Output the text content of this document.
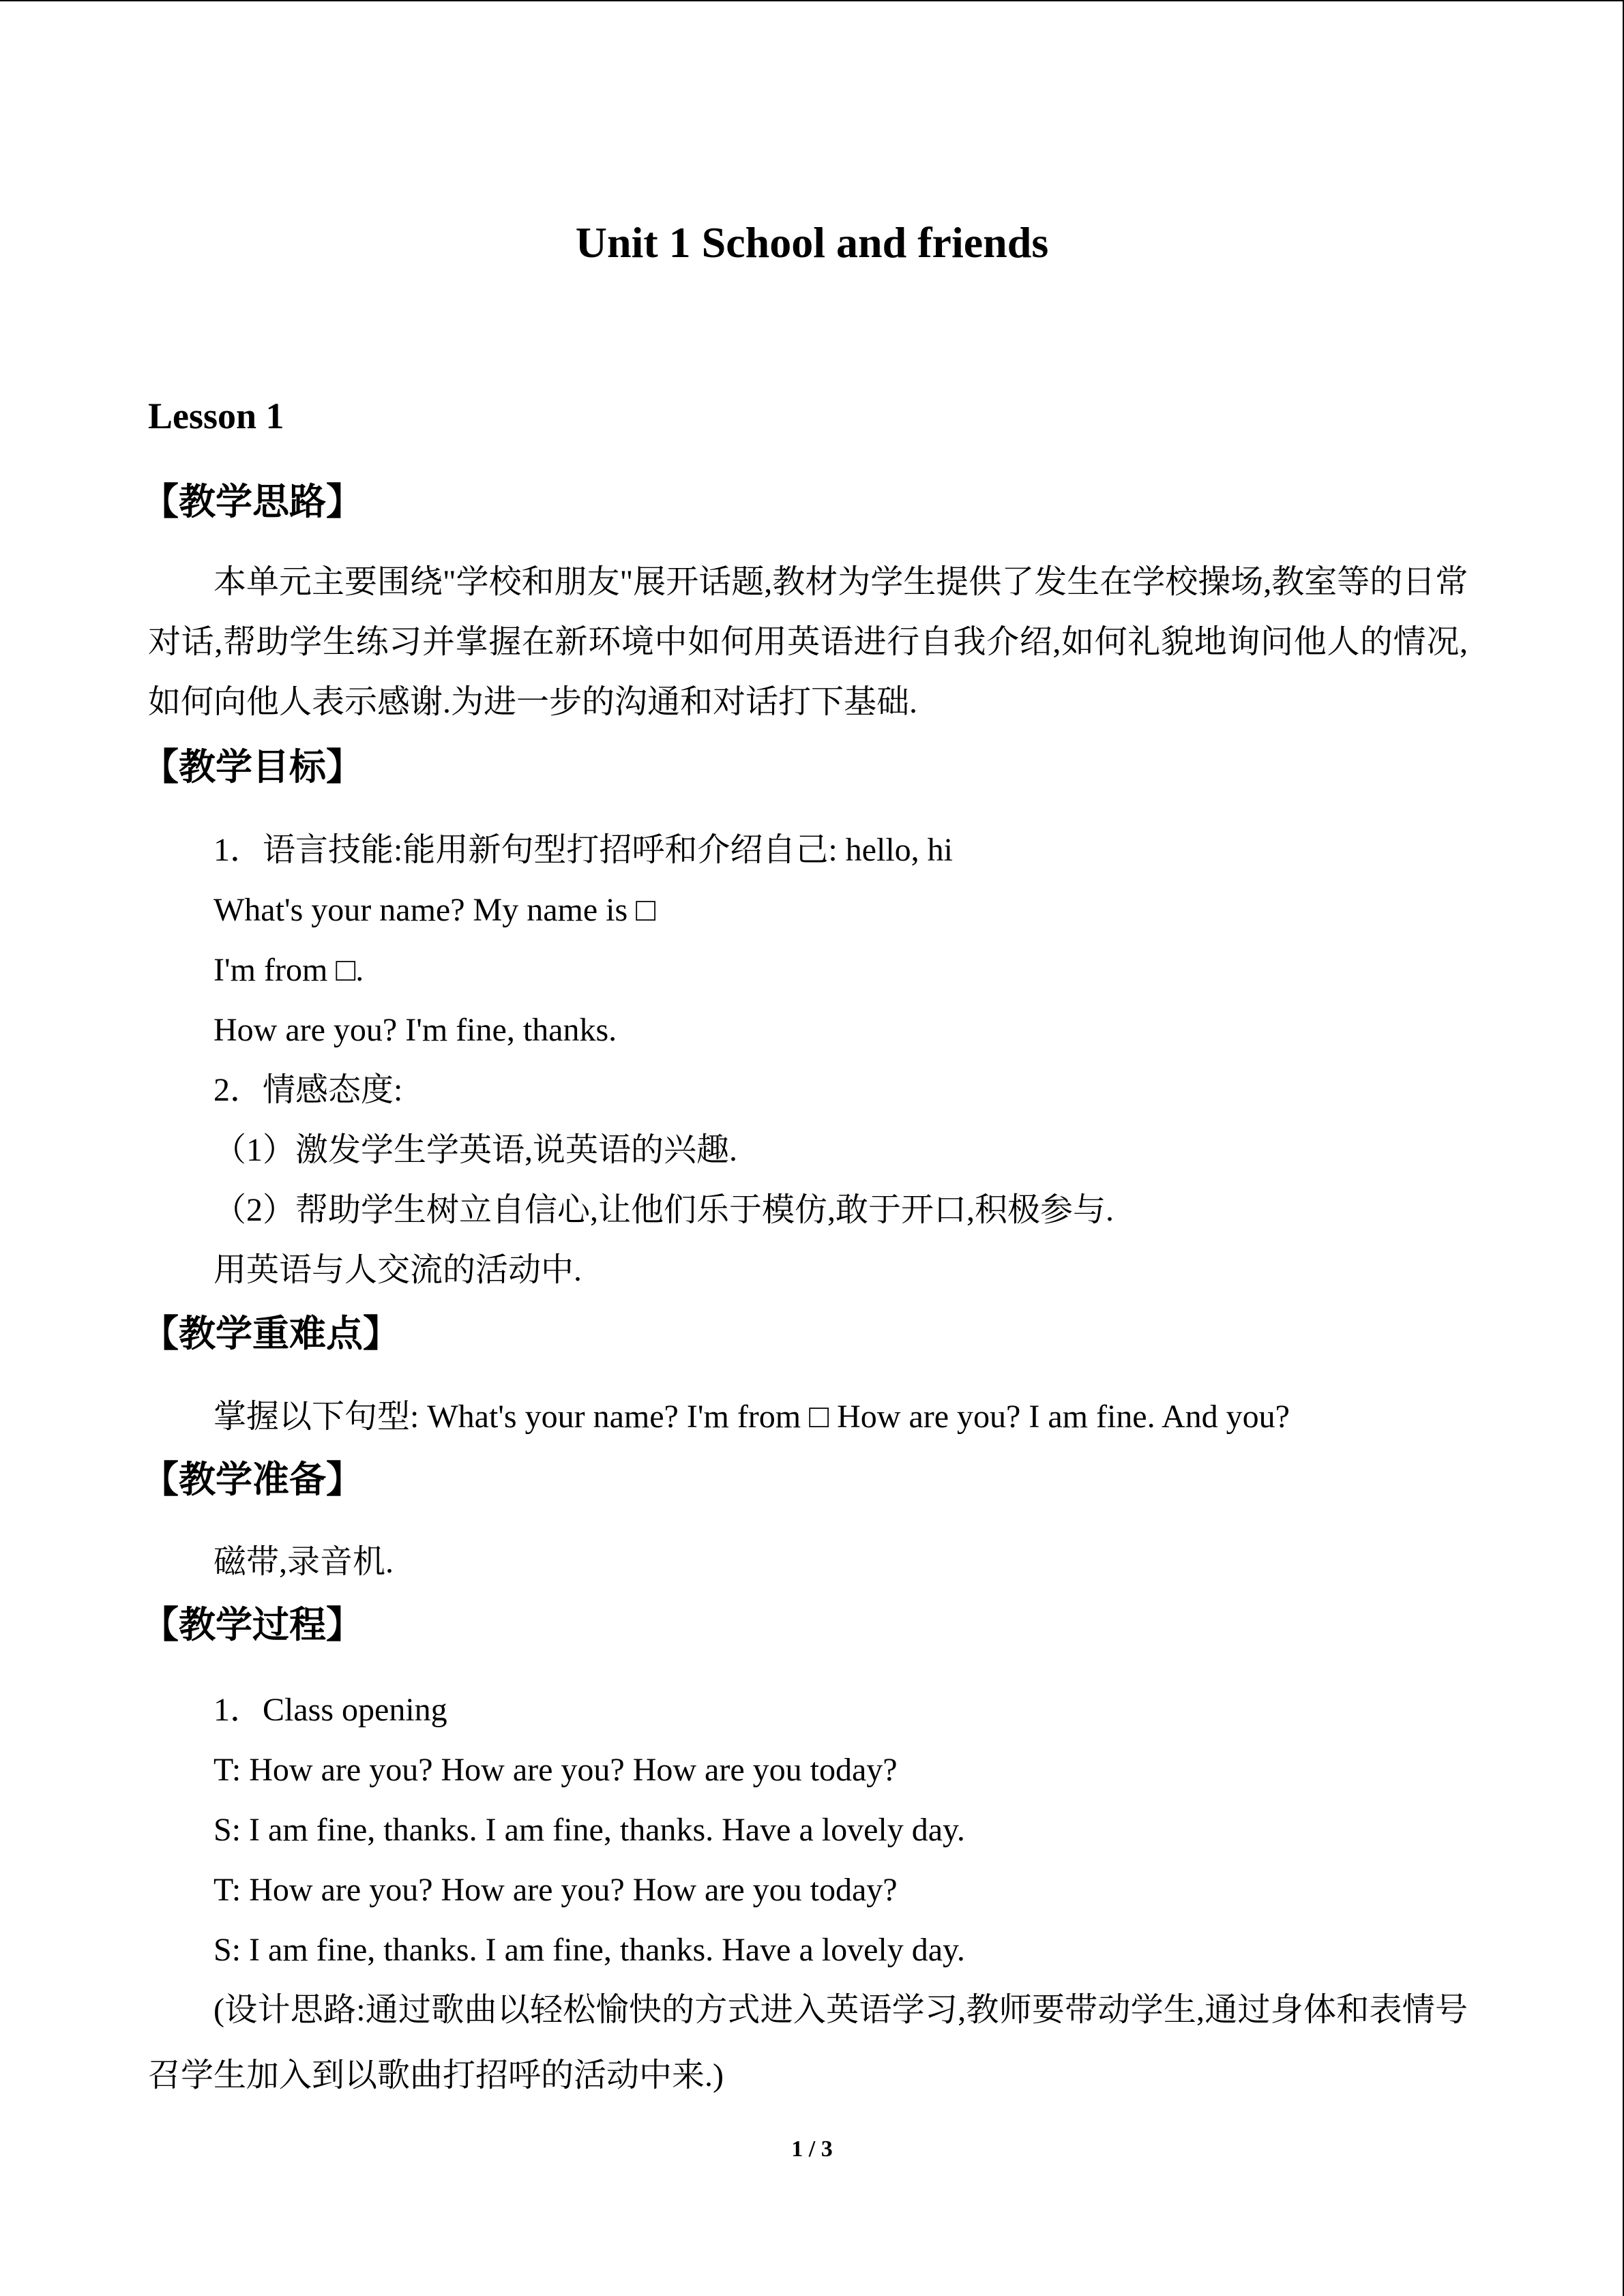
Unit 1 School and friends
Lesson 1
【教学思路】
本单元主要围绕"学校和朋友"展开话题,教材为学生提供了发生在学校操场,教室等的日常
对话,帮助学生练习并掌握在新环境中如何用英语进行自我介绍,如何礼貌地询问他人的情况,
如何向他人表示感谢.为进一步的沟通和对话打下基础.
【教学目标】
1．语言技能:能用新句型打招呼和介绍自己: hello, hi
What's your name? My name is □
I'm from □.
How are you? I'm fine, thanks.
2．情感态度:
（1）激发学生学英语,说英语的兴趣.
（2）帮助学生树立自信心,让他们乐于模仿,敢于开口,积极参与.
用英语与人交流的活动中.
【教学重难点】
掌握以下句型: What's your name? I'm from □ How are you? I am fine. And you?
【教学准备】
磁带,录音机.
【教学过程】
1．Class opening
T: How are you? How are you? How are you today?
S: I am fine, thanks. I am fine, thanks. Have a lovely day.
T: How are you? How are you? How are you today?
S: I am fine, thanks. I am fine, thanks. Have a lovely day.
(设计思路:通过歌曲以轻松愉快的方式进入英语学习,教师要带动学生,通过身体和表情号
召学生加入到以歌曲打招呼的活动中来.)
1 / 3
